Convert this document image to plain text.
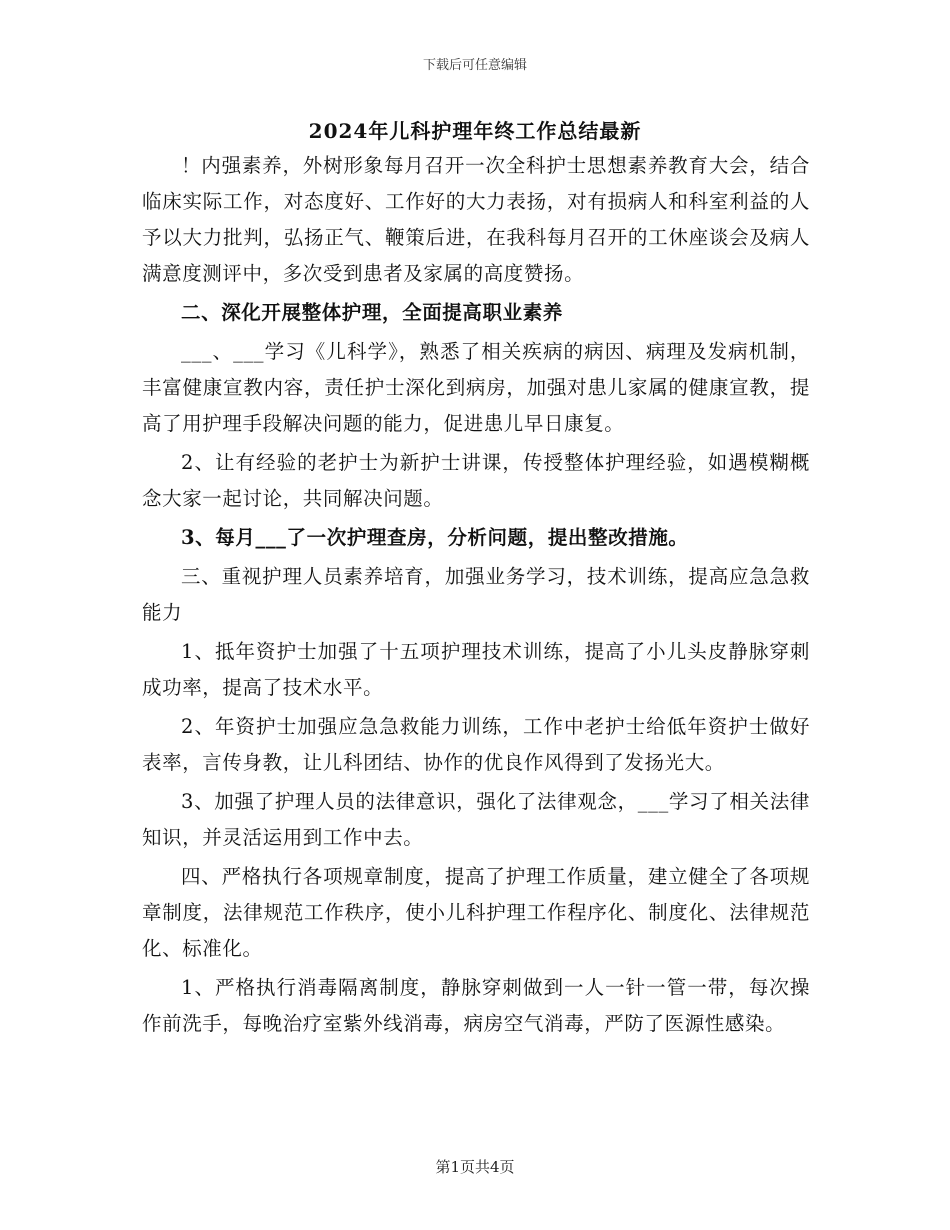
下载后可任意编辑
2024年儿科护理年终工作总结最新

！内强素养，外树形象每月召开一次全科护士思想素养教育大会，结合临床实际工作，对态度好、工作好的大力表扬，对有损病人和科室利益的人予以大力批判，弘扬正气、鞭策后进，在我科每月召开的工休座谈会及病人满意度测评中，多次受到患者及家属的高度赞扬。

二、深化开展整体护理，全面提高职业素养

___、___学习《儿科学》，熟悉了相关疾病的病因、病理及发病机制，丰富健康宣教内容，责任护士深化到病房，加强对患儿家属的健康宣教，提高了用护理手段解决问题的能力，促进患儿早日康复。

2、让有经验的老护士为新护士讲课，传授整体护理经验，如遇模糊概念大家一起讨论，共同解决问题。

3、每月___了一次护理查房，分析问题，提出整改措施。

三、重视护理人员素养培育，加强业务学习，技术训练，提高应急急救能力

1、抵年资护士加强了十五项护理技术训练，提高了小儿头皮静脉穿刺成功率，提高了技术水平。

2、年资护士加强应急急救能力训练，工作中老护士给低年资护士做好表率，言传身教，让儿科团结、协作的优良作风得到了发扬光大。

3、加强了护理人员的法律意识，强化了法律观念，___学习了相关法律知识，并灵活运用到工作中去。

四、严格执行各项规章制度，提高了护理工作质量，建立健全了各项规章制度，法律规范工作秩序，使小儿科护理工作程序化、制度化、法律规范化、标准化。

1、严格执行消毒隔离制度，静脉穿刺做到一人一针一管一带，每次操作前洗手，每晚治疗室紫外线消毒，病房空气消毒，严防了医源性感染。

第1页共4页
